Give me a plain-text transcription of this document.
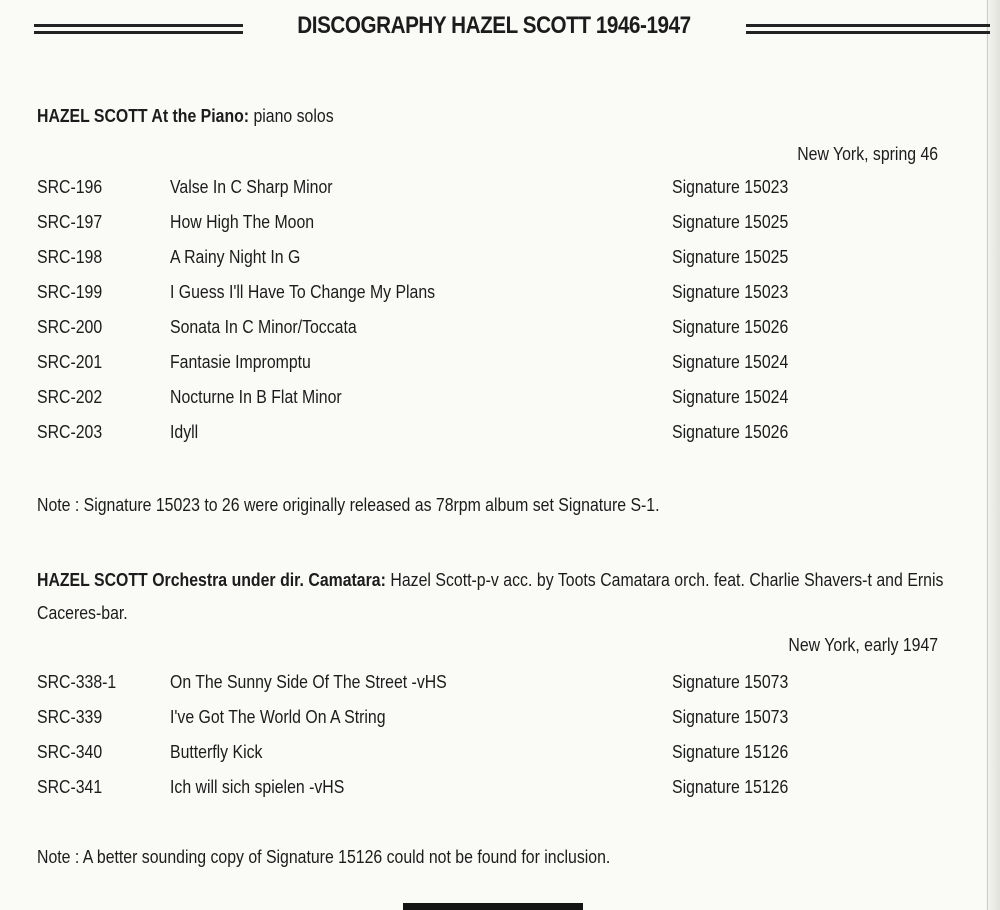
DISCOGRAPHY HAZEL SCOTT 1946-1947
HAZEL SCOTT At the Piano: piano solos
New York, spring 46
SRC-196	Valse In C Sharp Minor	Signature 15023
SRC-197	How High The Moon	Signature 15025
SRC-198	A Rainy Night In G	Signature 15025
SRC-199	I Guess I'll Have To Change My Plans	Signature 15023
SRC-200	Sonata In C Minor/Toccata	Signature 15026
SRC-201	Fantasie Impromptu	Signature 15024
SRC-202	Nocturne In B Flat Minor	Signature 15024
SRC-203	Idyll	Signature 15026
Note : Signature 15023 to 26 were originally released as 78rpm album set Signature S-1.
HAZEL SCOTT Orchestra under dir. Camatara: Hazel Scott-p-v acc. by Toots Camatara orch. feat. Charlie Shavers-t and Ernis Caceres-bar.
New York, early 1947
SRC-338-1	On The Sunny Side Of The Street -vHS	Signature 15073
SRC-339	I've Got The World On A String	Signature 15073
SRC-340	Butterfly Kick	Signature 15126
SRC-341	Ich will sich spielen -vHS	Signature 15126
Note : A better sounding copy of Signature 15126 could not be found for inclusion.
